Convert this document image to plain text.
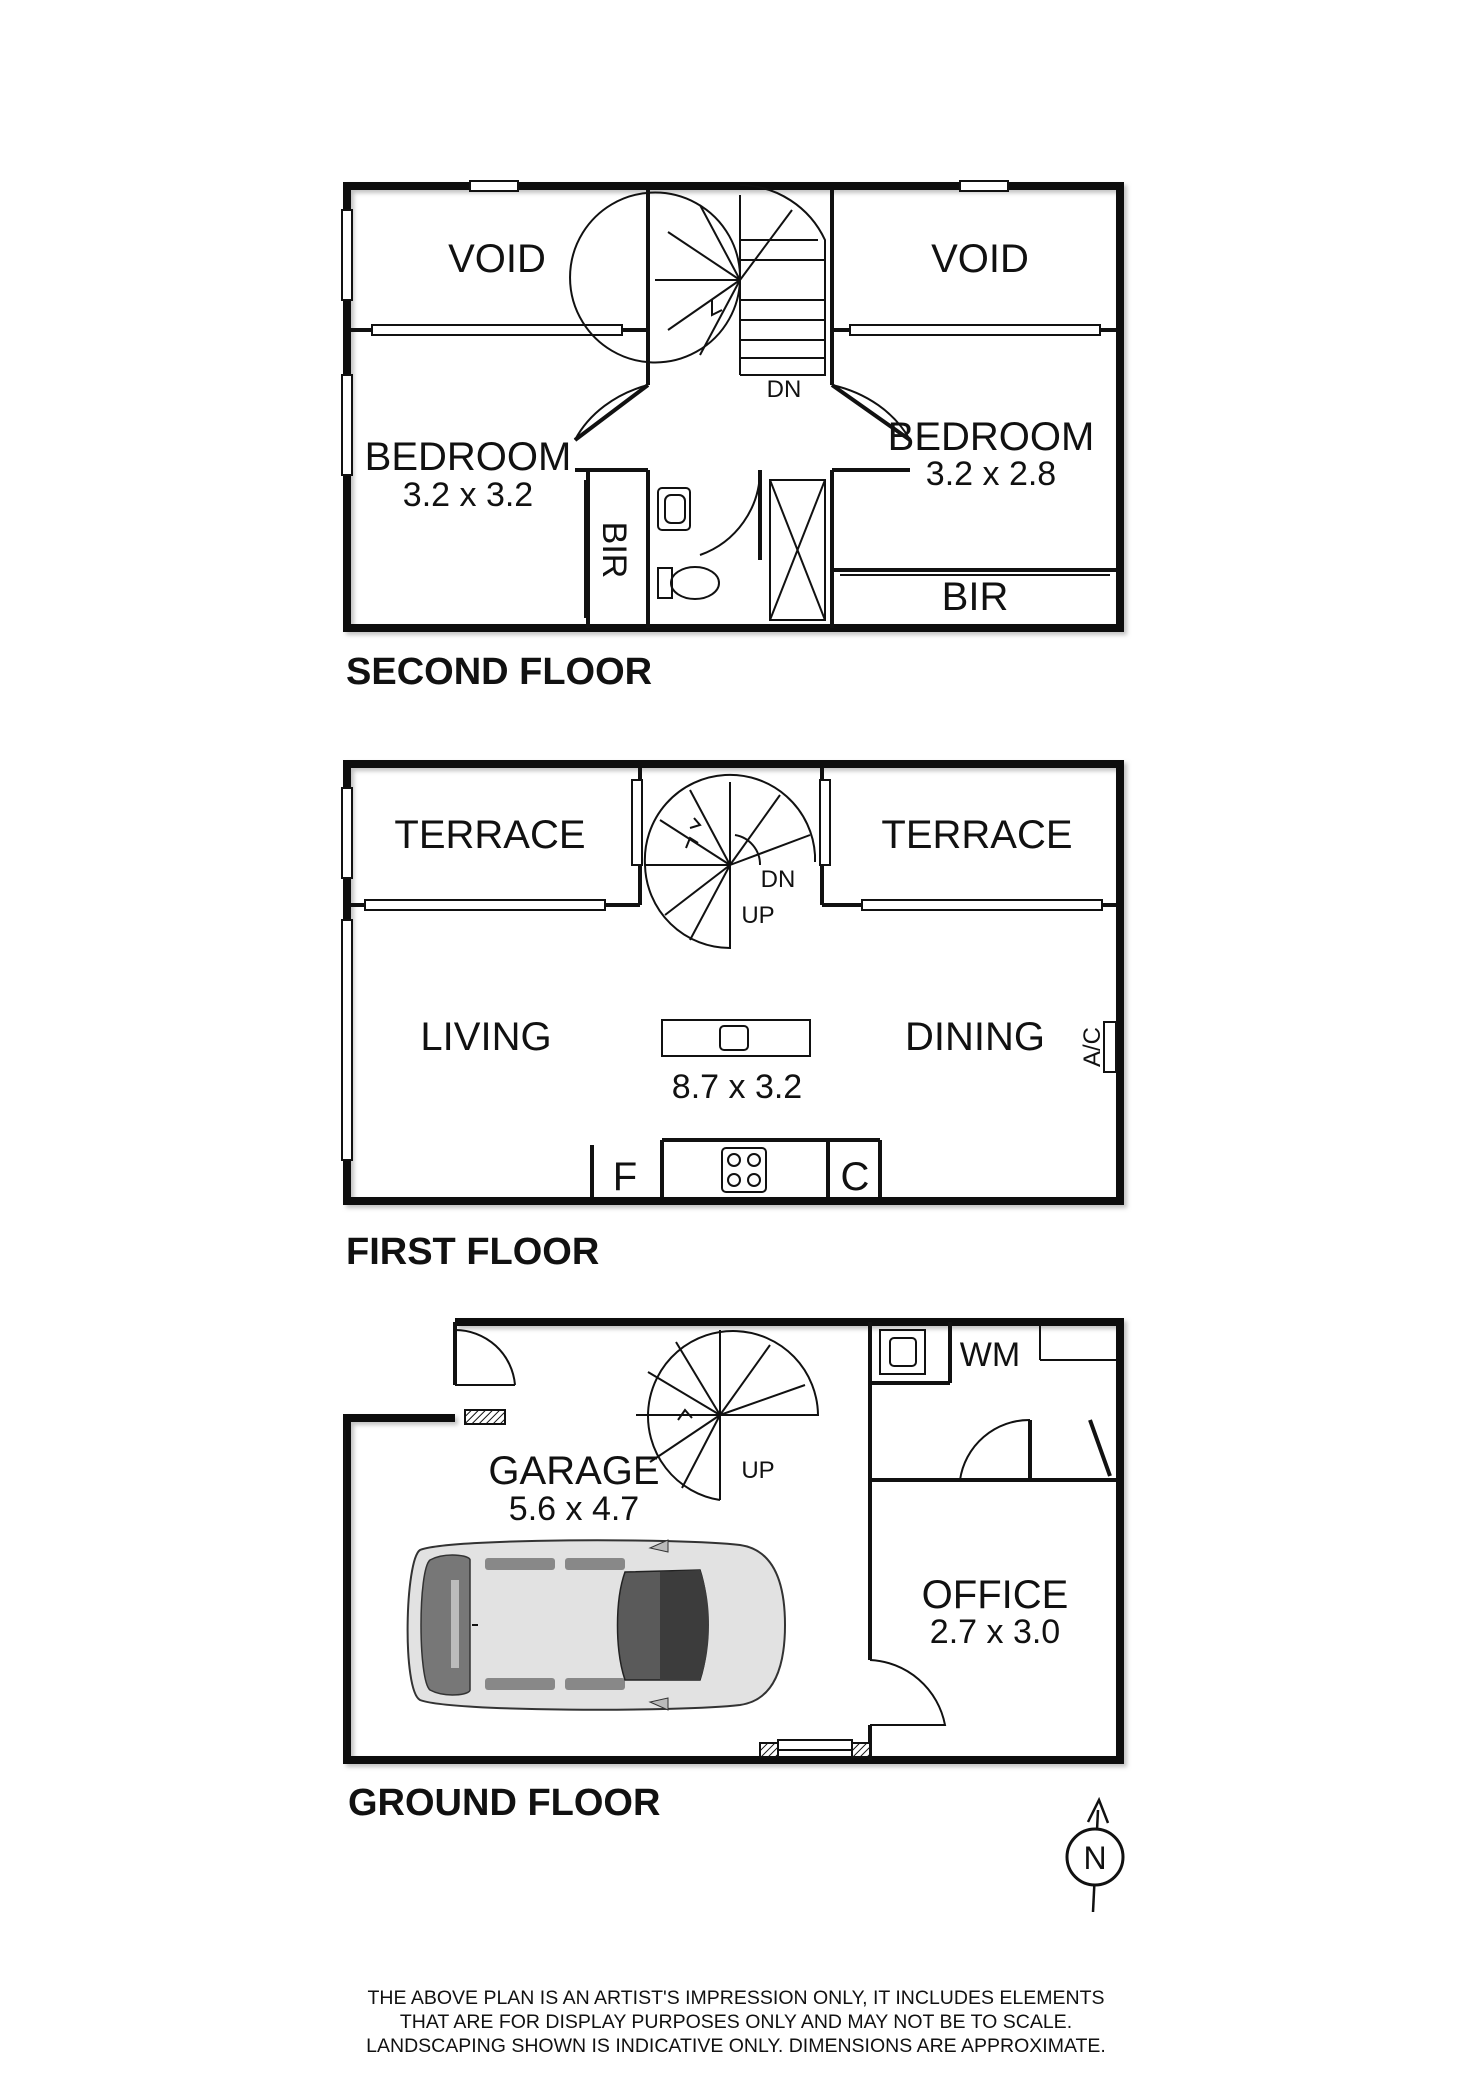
VOID	VOID
BEDROOM
3.2 x 3.2
BEDROOM
3.2 x 2.8
BIR
BIR
DN
SECOND FLOOR
TERRACE	TERRACE
LIVING	DINING
8.7 x 3.2
A/C
F	C
DN
UP
FIRST FLOOR
GARAGE
5.6 x 4.7
OFFICE
2.7 x 3.0
WM
UP
GROUND FLOOR
N
THE ABOVE PLAN IS AN ARTIST'S IMPRESSION ONLY, IT INCLUDES ELEMENTS
THAT ARE FOR DISPLAY PURPOSES ONLY AND MAY NOT BE TO SCALE.
LANDSCAPING SHOWN IS INDICATIVE ONLY. DIMENSIONS ARE APPROXIMATE.
